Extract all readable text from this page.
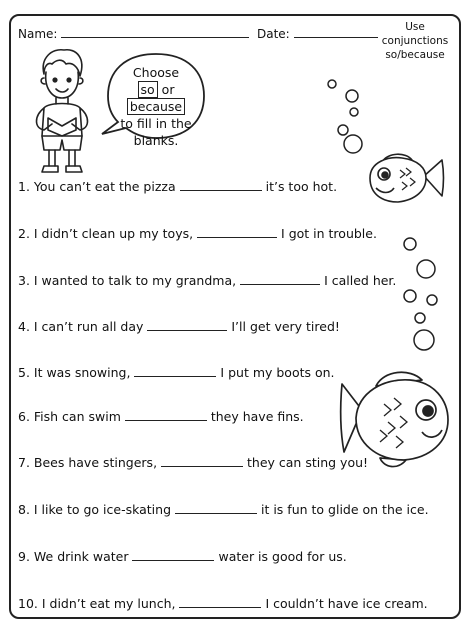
Name:	Date:	Use
conjunctions
so/because
Choose
so or because
to fill in the
blanks.
1. You can’t eat the pizza	it’s too hot.
2. I didn’t clean up my toys,	I got in trouble.
3. I wanted to talk to my grandma,	I called her.
4. I can’t run all day	I’ll get very tired!
5. It was snowing,	I put my boots on.
6. Fish can swim	they have fins.
7. Bees have stingers,	they can sting you!
8. I like to go ice-skating	it is fun to glide on the ice.
9. We drink water	water is good for us.
10. I didn’t eat my lunch,	I couldn’t have ice cream.
